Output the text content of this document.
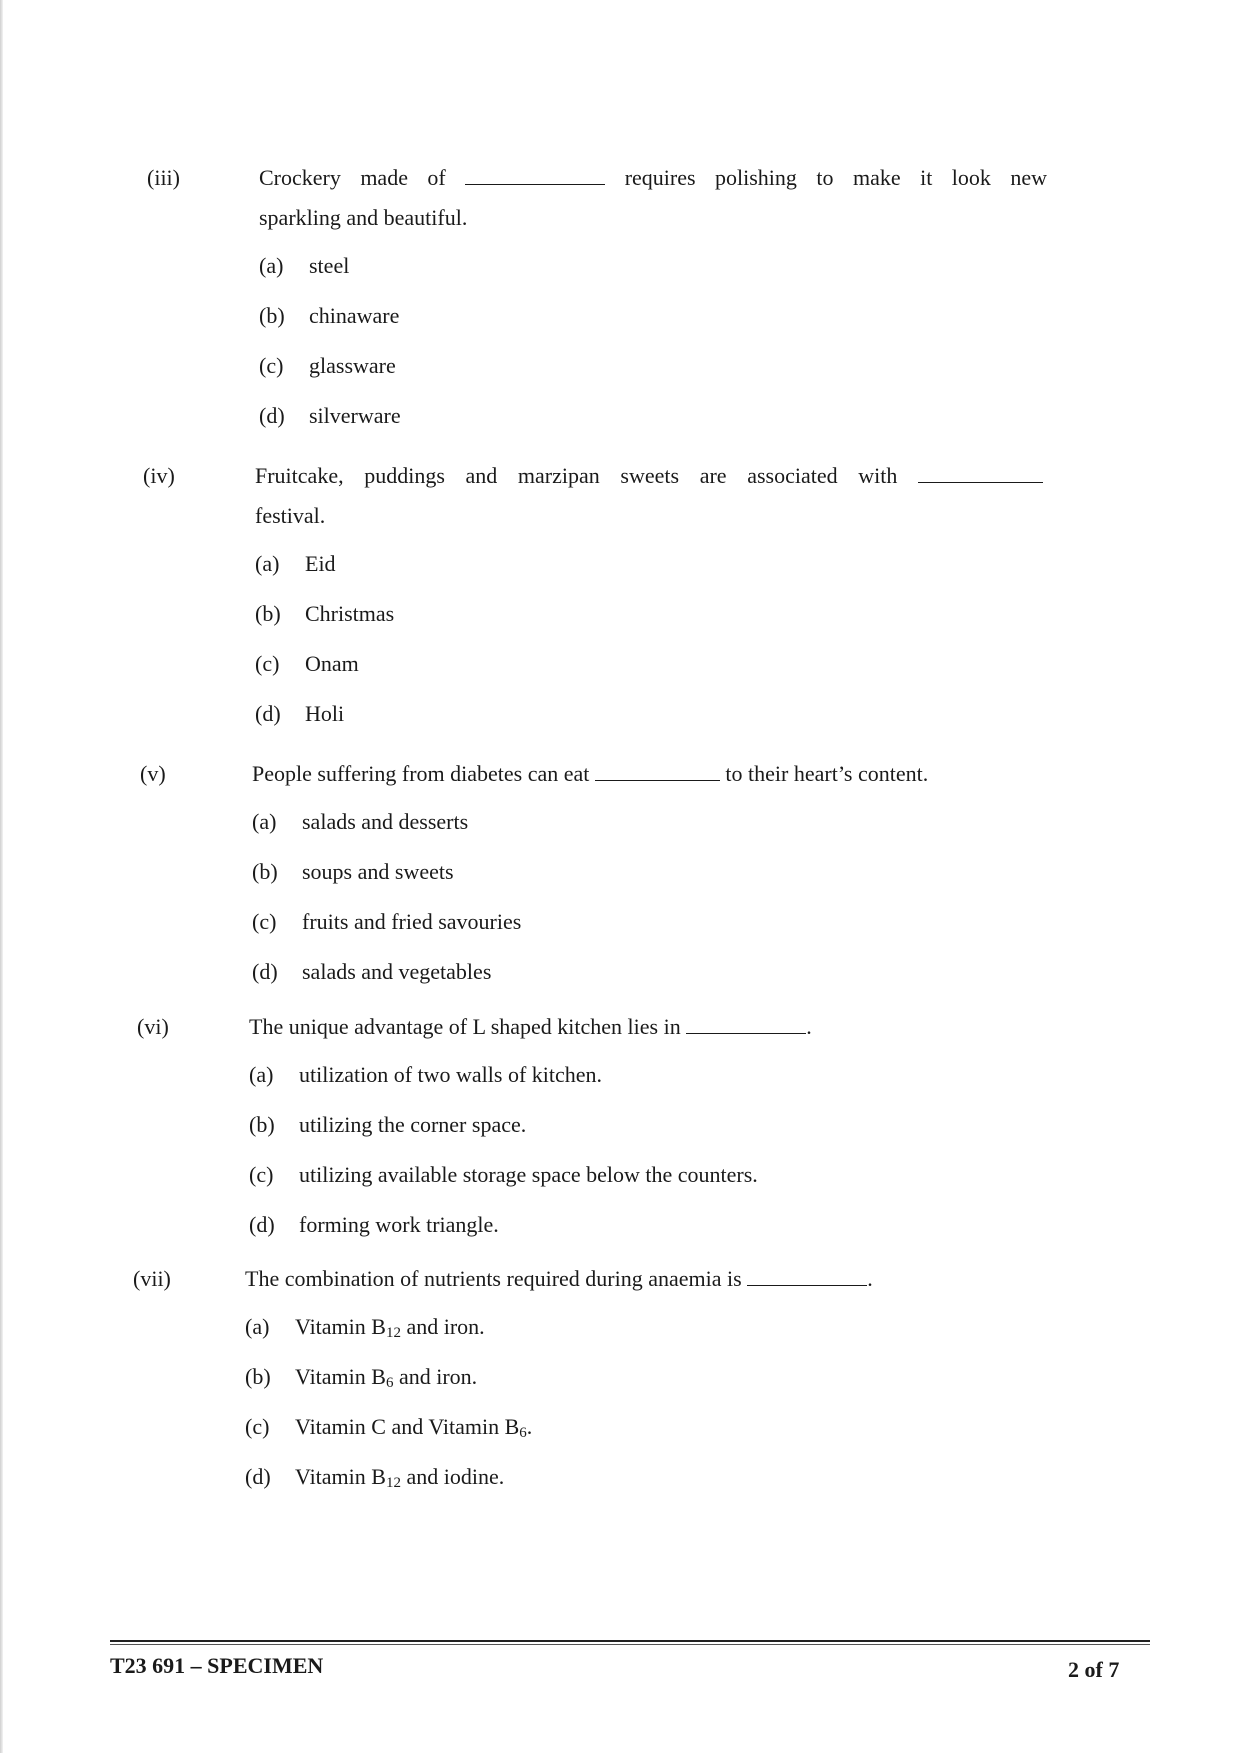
(iii)	Crockery made of	requires polishing to make it look new

sparkling and beautiful.

(a) steel
(b) chinaware
(c) glassware
(d) silverware
(iv)	Fruitcake, puddings and marzipan sweets are associated with

festival.

(a) Eid
(b) Christmas
(c) Onam
(d) Holi
(v)	People suffering from diabetes can eat	to their heart’s content.

(a) salads and desserts
(b) soups and sweets
(c) fruits and fried savouries
(d) salads and vegetables
(vi)	The unique advantage of L shaped kitchen lies in	.

(a) utilization of two walls of kitchen.
(b) utilizing the corner space.
(c) utilizing available storage space below the counters.
(d) forming work triangle.
(vii)	The combination of nutrients required during anaemia is	.

(a) Vitamin $B_{12}$ and iron.
(b) Vitamin $B_6$ and iron.
(c) Vitamin C and Vitamin $B_6$.
(d) Vitamin $B_{12}$ and iodine.
T23 691 – SPECIMEN	2 of 7
